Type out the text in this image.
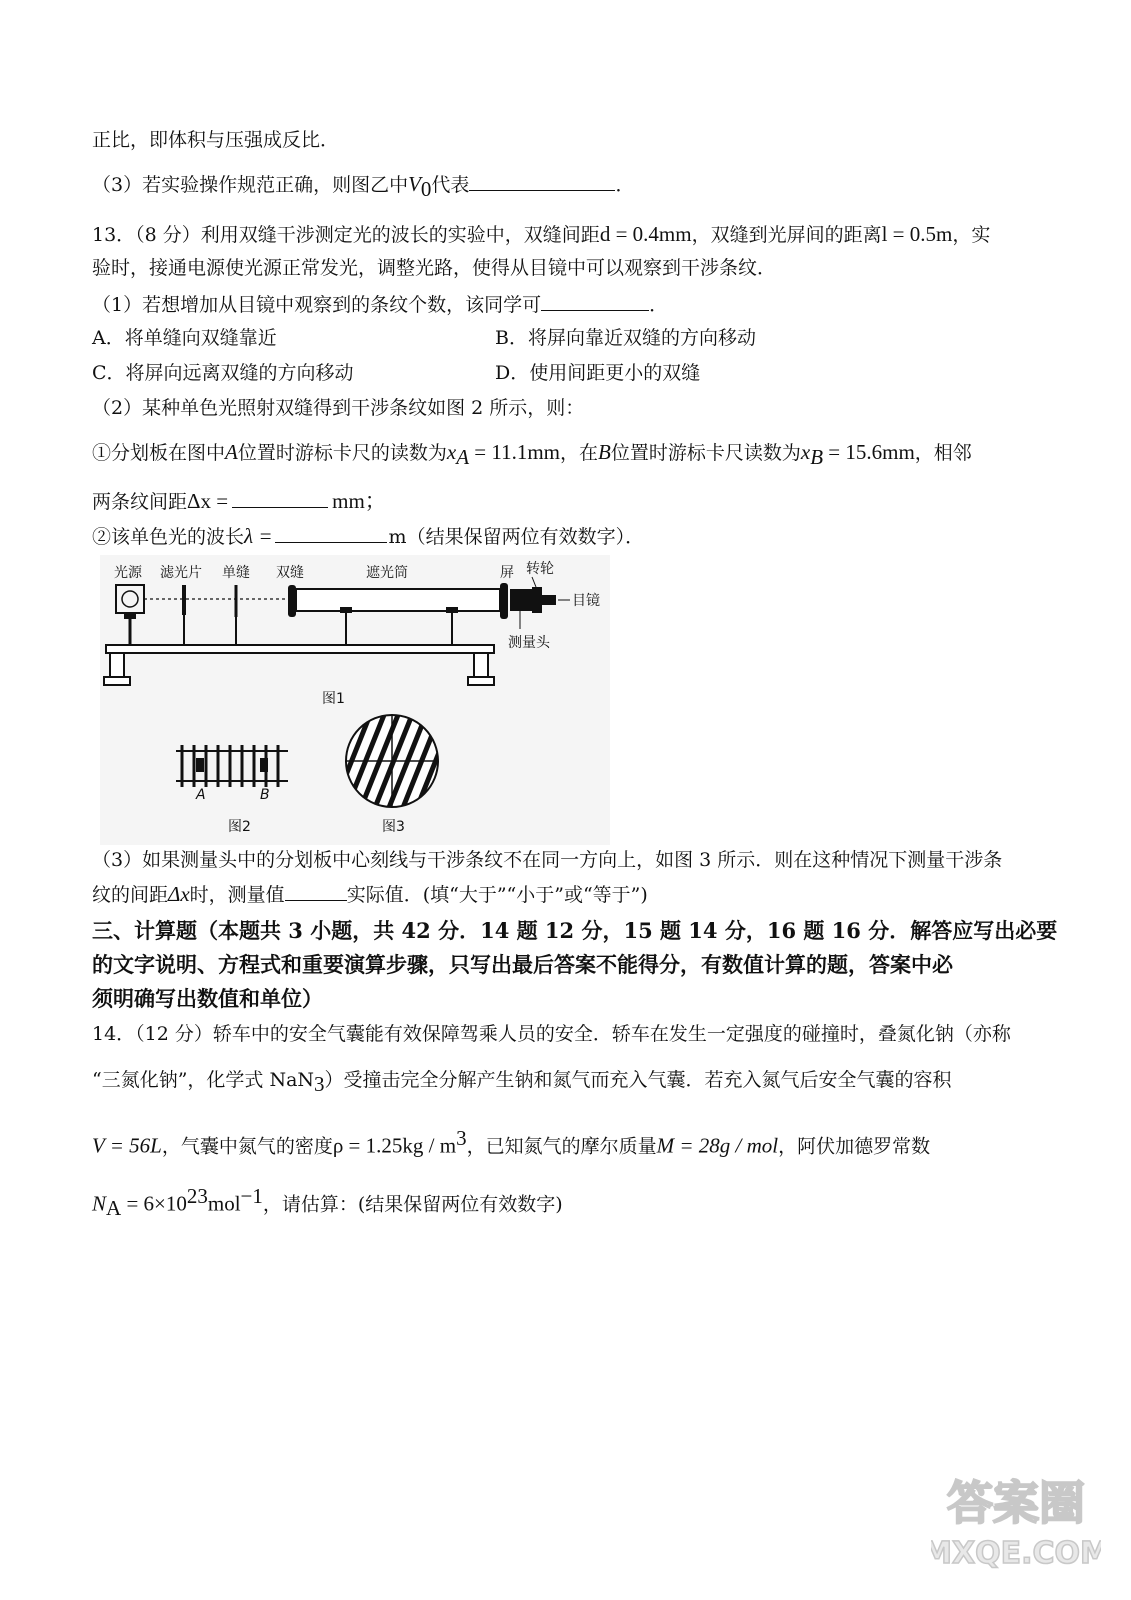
正比，即体积与压强成反比．
（3）若实验操作规范正确，则图乙中$V_0$代表	．
13．（8 分）利用双缝干涉测定光的波长的实验中，双缝间距d = 0.4mm，双缝到光屏间的距离l = 0.5m，实
验时，接通电源使光源正常发光，调整光路，使得从目镜中可以观察到干涉条纹．
（1）若想增加从目镜中观察到的条纹个数，该同学可	．
A．将单缝向双缝靠近	B．将屏向靠近双缝的方向移动
C．将屏向远离双缝的方向移动	D．使用间距更小的双缝
（2）某种单色光照射双缝得到干涉条纹如图 2 所示，则：
①分划板在图中A位置时游标卡尺的读数为$x_A = 11.1mm$，在B位置时游标卡尺读数为$x_B = 15.6mm$，相邻
两条纹间距Δx =	mm；
②该单色光的波长λ =	m（结果保留两位有效数字）．
光源 滤光片 单缝 双缝	遮光筒	屏 转轮
目镜
测量头
图1
A	B
图2	图3
（3）如果测量头中的分划板中心刻线与干涉条纹不在同一方向上，如图 3 所示．则在这种情况下测量干涉条
纹的间距Δx时，测量值	实际值．(填“大于”“小于”或“等于”)
三、计算题（本题共 3 小题，共 42 分．14 题 12 分，15 题 14 分，16 题 16 分．解答应写出必要
的文字说明、方程式和重要演算步骤，只写出最后答案不能得分，有数值计算的题，答案中必
须明确写出数值和单位）
14．（12 分）轿车中的安全气囊能有效保障驾乘人员的安全．轿车在发生一定强度的碰撞时，叠氮化钠（亦称
“三氮化钠”，化学式 NaN$_3$）受撞击完全分解产生钠和氮气而充入气囊．若充入氮气后安全气囊的容积
V = 56L，气囊中氮气的密度$\rho = 1.25kg / m^3$，已知氮气的摩尔质量M = 28g / mol，阿伏加德罗常数
$N_A = 6\times 10^{23}mol^{-1}$，请估算：(结果保留两位有效数字)
答案圈
MXQE.COM
